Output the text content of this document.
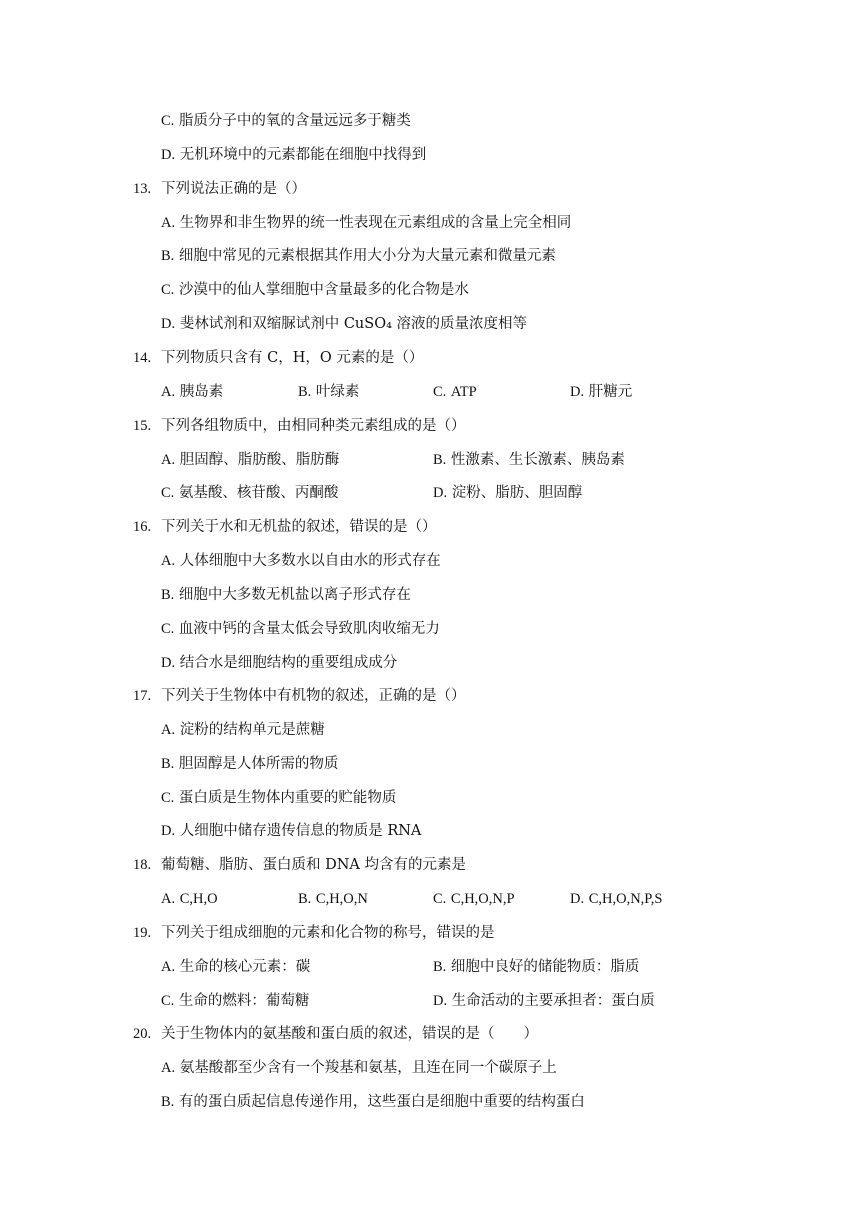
C. 脂质分子中的氧的含量远远多于糖类
D. 无机环境中的元素都能在细胞中找得到
13. 下列说法正确的是（）
A. 生物界和非生物界的统一性表现在元素组成的含量上完全相同
B. 细胞中常见的元素根据其作用大小分为大量元素和微量元素
C. 沙漠中的仙人掌细胞中含量最多的化合物是水
D. 斐林试剂和双缩脲试剂中 CuSO₄ 溶液的质量浓度相等
14. 下列物质只含有 C，H，O 元素的是（）
A. 胰岛素	B. 叶绿素	C. ATP	D. 肝糖元
15. 下列各组物质中，由相同种类元素组成的是（）
A. 胆固醇、脂肪酸、脂肪酶	B. 性激素、生长激素、胰岛素
C. 氨基酸、核苷酸、丙酮酸	D. 淀粉、脂肪、胆固醇
16. 下列关于水和无机盐的叙述，错误的是（）
A. 人体细胞中大多数水以自由水的形式存在
B. 细胞中大多数无机盐以离子形式存在
C. 血液中钙的含量太低会导致肌肉收缩无力
D. 结合水是细胞结构的重要组成成分
17. 下列关于生物体中有机物的叙述，正确的是（）
A. 淀粉的结构单元是蔗糖
B. 胆固醇是人体所需的物质
C. 蛋白质是生物体内重要的贮能物质
D. 人细胞中储存遗传信息的物质是 RNA
18. 葡萄糖、脂肪、蛋白质和 DNA 均含有的元素是
A. C,H,O	B. C,H,O,N	C. C,H,O,N,P	D. C,H,O,N,P,S
19. 下列关于组成细胞的元素和化合物的称号，错误的是
A. 生命的核心元素：碳	B. 细胞中良好的储能物质：脂质
C. 生命的燃料：葡萄糖	D. 生命活动的主要承担者：蛋白质
20. 关于生物体内的氨基酸和蛋白质的叙述，错误的是（　　）
A. 氨基酸都至少含有一个羧基和氨基，且连在同一个碳原子上
B. 有的蛋白质起信息传递作用，这些蛋白是细胞中重要的结构蛋白
